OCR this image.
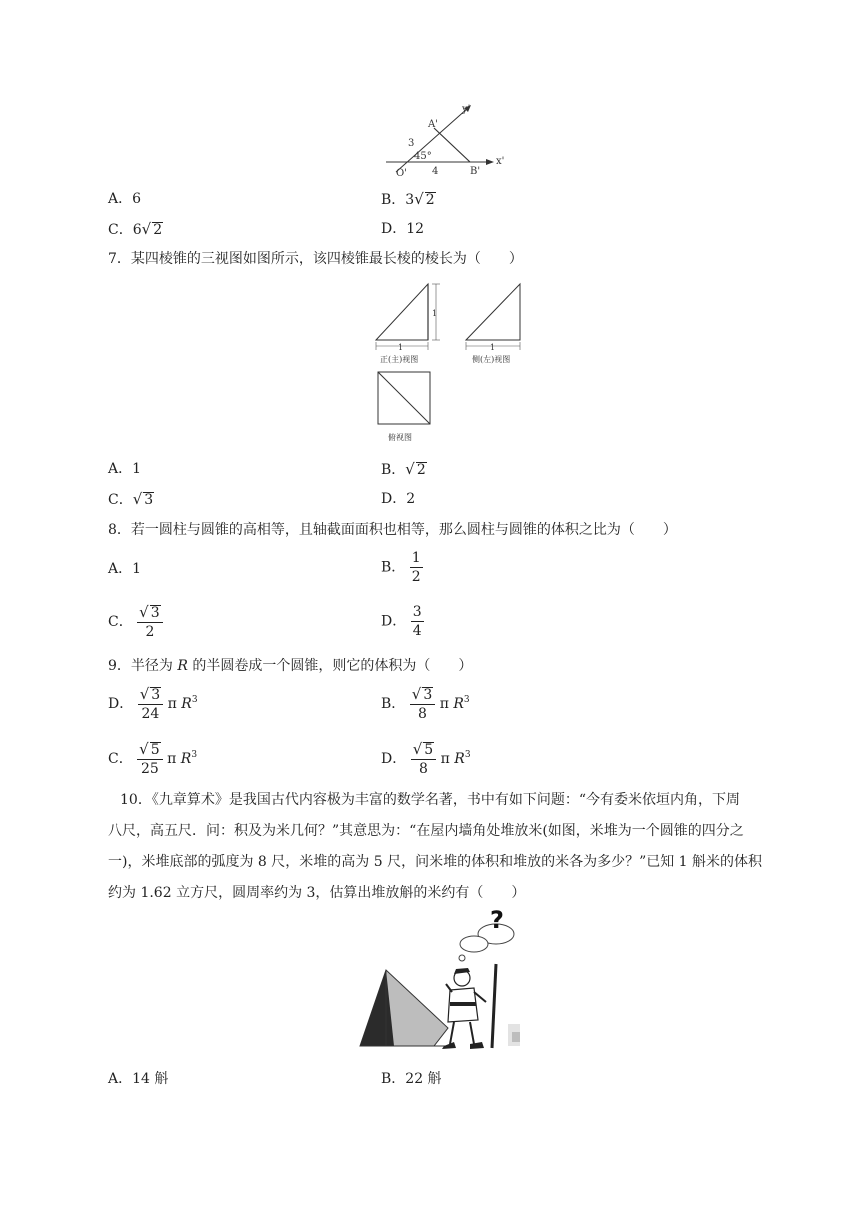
y'
A'
3
45°
O'	4	B'
x'
A．6	B．3√ 2
C．6√ 2	D．12
7．某四棱锥的三视图如图所示，该四棱锥最长棱的棱长为（　　）
1
1
正(主)视图
1
侧(左)视图
俯视图
A．1	B．√ 2
C．√ 3	D．2
8．若一圆柱与圆锥的高相等，且轴截面面积也相等，那么圆柱与圆锥的体积之比为（　　）
A．1	B． $\frac{1}{2}$
C． $\frac{√ 3}{2}$	D． $\frac{3}{4}$
9．半径为 R 的半圆卷成一个圆锥，则它的体积为（　　）
D． $\frac{√ 3}{24}$ π $R^3$	B． $\frac{√ 3}{8}$ π $R^3$
C． $\frac{√ 5}{25}$ π $R^3$	D． $\frac{√ 5}{8}$ π $R^3$
10．《九章算术》是我国古代内容极为丰富的数学名著，书中有如下问题：“今有委米依垣内角，下周
八尺，高五尺．问：积及为米几何？”其意思为：“在屋内墙角处堆放米(如图，米堆为一个圆锥的四分之
一)，米堆底部的弧度为 8 尺，米堆的高为 5 尺，问米堆的体积和堆放的米各为多少？”已知 1 斛米的体积
约为 1.62 立方尺，圆周率约为 3，估算出堆放斛的米约有（　　）
?
A．14 斛	B．22 斛
